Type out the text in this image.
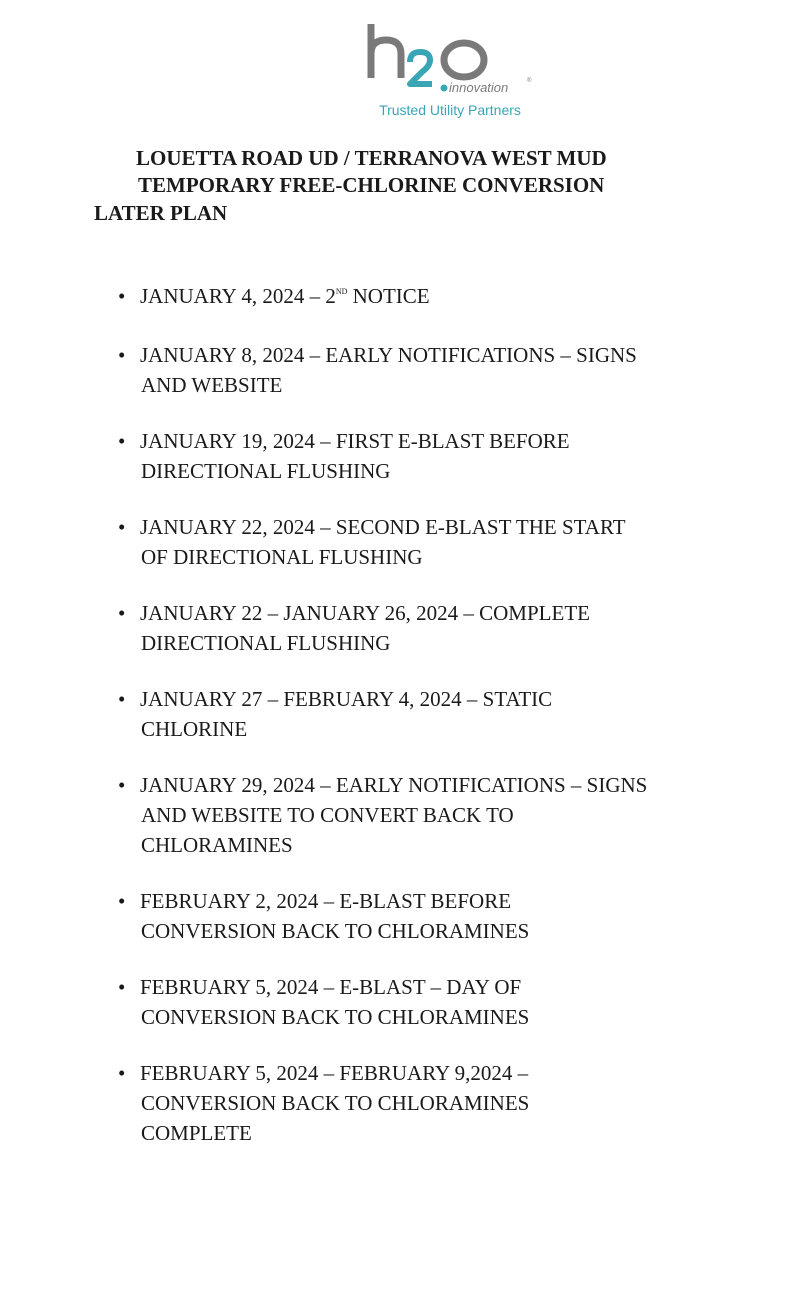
innovation	®
Trusted Utility Partners
LOUETTA ROAD UD / TERRANOVA WEST MUD
TEMPORARY FREE-CHLORINE CONVERSION
LATER PLAN
• JANUARY 4, 2024 – 2ND NOTICE
• JANUARY 8, 2024 – EARLY NOTIFICATIONS – SIGNS
AND WEBSITE
• JANUARY 19, 2024 – FIRST E-BLAST BEFORE
DIRECTIONAL FLUSHING
• JANUARY 22, 2024 – SECOND E-BLAST THE START
OF DIRECTIONAL FLUSHING
• JANUARY 22 – JANUARY 26, 2024 – COMPLETE
DIRECTIONAL FLUSHING
• JANUARY 27 – FEBRUARY 4, 2024 – STATIC
CHLORINE
• JANUARY 29, 2024 – EARLY NOTIFICATIONS – SIGNS
AND WEBSITE TO CONVERT BACK TO
CHLORAMINES
• FEBRUARY 2, 2024 – E-BLAST BEFORE
CONVERSION BACK TO CHLORAMINES
• FEBRUARY 5, 2024 – E-BLAST – DAY OF
CONVERSION BACK TO CHLORAMINES
• FEBRUARY 5, 2024 – FEBRUARY 9,2024 –
CONVERSION BACK TO CHLORAMINES
COMPLETE
